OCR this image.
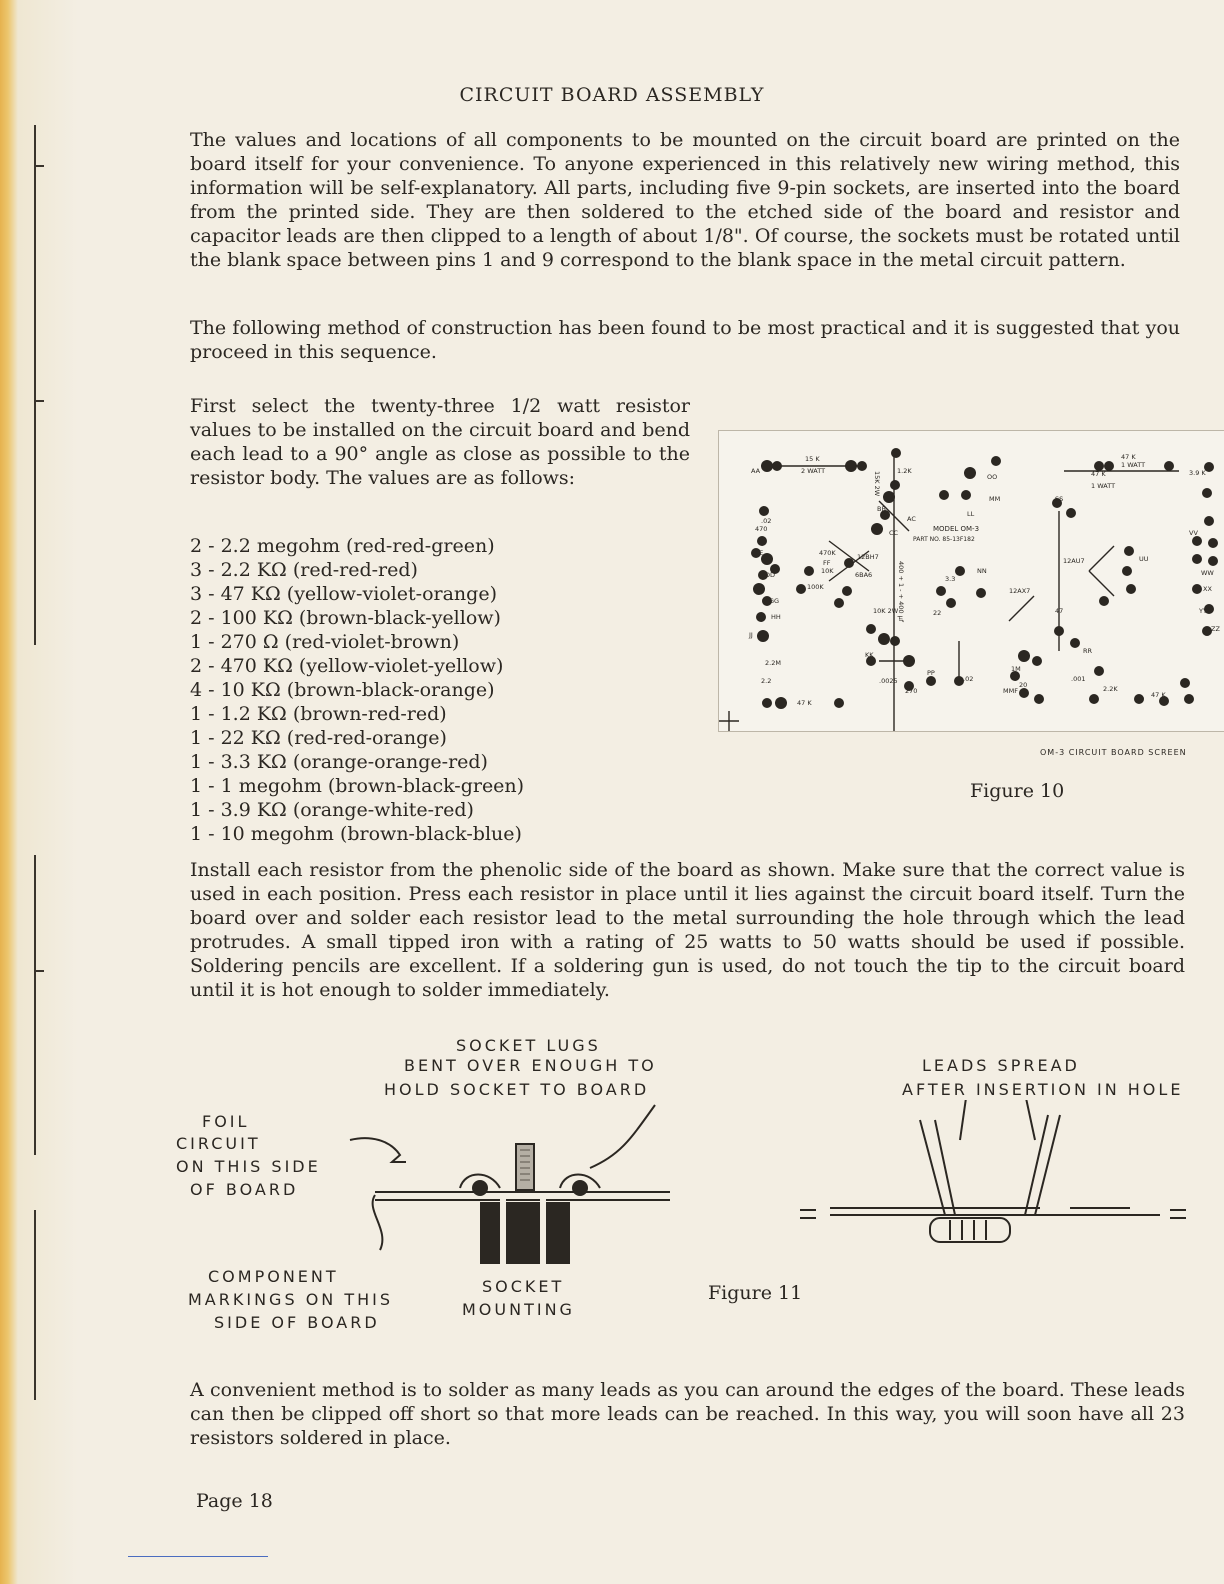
CIRCUIT BOARD ASSEMBLY

The values and locations of all components to be mounted on the circuit board are printed on the board itself for your convenience. To anyone experienced in this relatively new wiring method, this information will be self-explanatory. All parts, including five 9-pin sockets, are inserted into the board from the printed side. They are then soldered to the etched side of the board and resistor and capacitor leads are then clipped to a length of about 1/8". Of course, the sockets must be rotated until the blank space between pins 1 and 9 correspond to the blank space in the metal circuit pattern.

The following method of construction has been found to be most practical and it is suggested that you proceed in this sequence.

First select the twenty-three 1/2 watt resistor values to be installed on the circuit board and bend each lead to a 90° angle as close as possible to the resistor body. The values are as follows:

2 - 2.2 megohm (red-red-green)
3 - 2.2 KΩ (red-red-red)
3 - 47 KΩ (yellow-violet-orange)
2 - 100 KΩ (brown-black-yellow)
1 - 270 Ω (red-violet-brown)
2 - 470 KΩ (yellow-violet-yellow)
4 - 10 KΩ (brown-black-orange)
1 - 1.2 KΩ (brown-red-red)
1 - 22 KΩ (red-red-orange)
1 - 3.3 KΩ (orange-orange-red)
1 - 1 megohm (brown-black-green)
1 - 3.9 KΩ (orange-white-red)
1 - 10 megohm (brown-black-blue)
15 K
2 WATT	1.2K
OO	47 K
1 WATT
47 K
1 WATT
3.9 K
SS
AA
BB
CC
AC
LL
MM
MODEL OM-3
PART NO. 85-13F182
.02
470
470K	12BH7
10K	6BA6
100K
FF
EE
DD
GG
HH
JJ
KK
12AU7
12AX7
3.3
NN
10K 2W	22	47
RR
ZZ
YY
XX
WW
UU
VV
2.2M
2.2	.0025
270
PP
.02
1M
20
MMF
.001
2.2K
47 K
47 K
15K 2W
400 + 1 - + 400 µf
OM-3 CIRCUIT BOARD SCREEN
Figure 10

Install each resistor from the phenolic side of the board as shown. Make sure that the correct value is used in each position. Press each resistor in place until it lies against the circuit board itself. Turn the board over and solder each resistor lead to the metal surrounding the hole through which the lead protrudes. A small tipped iron with a rating of 25 watts to 50 watts should be used if possible. Soldering pencils are excellent. If a soldering gun is used, do not touch the tip to the circuit board until it is hot enough to solder immediately.

SOCKET LUGS
BENT OVER ENOUGH TO
HOLD SOCKET TO BOARD
FOIL
CIRCUIT
ON THIS SIDE
OF BOARD
COMPONENT
MARKINGS ON THIS
SIDE OF BOARD
SOCKET
MOUNTING
LEADS SPREAD
AFTER INSERTION IN HOLE
Figure 11

A convenient method is to solder as many leads as you can around the edges of the board. These leads can then be clipped off short so that more leads can be reached. In this way, you will soon have all 23 resistors soldered in place.

Page 18
